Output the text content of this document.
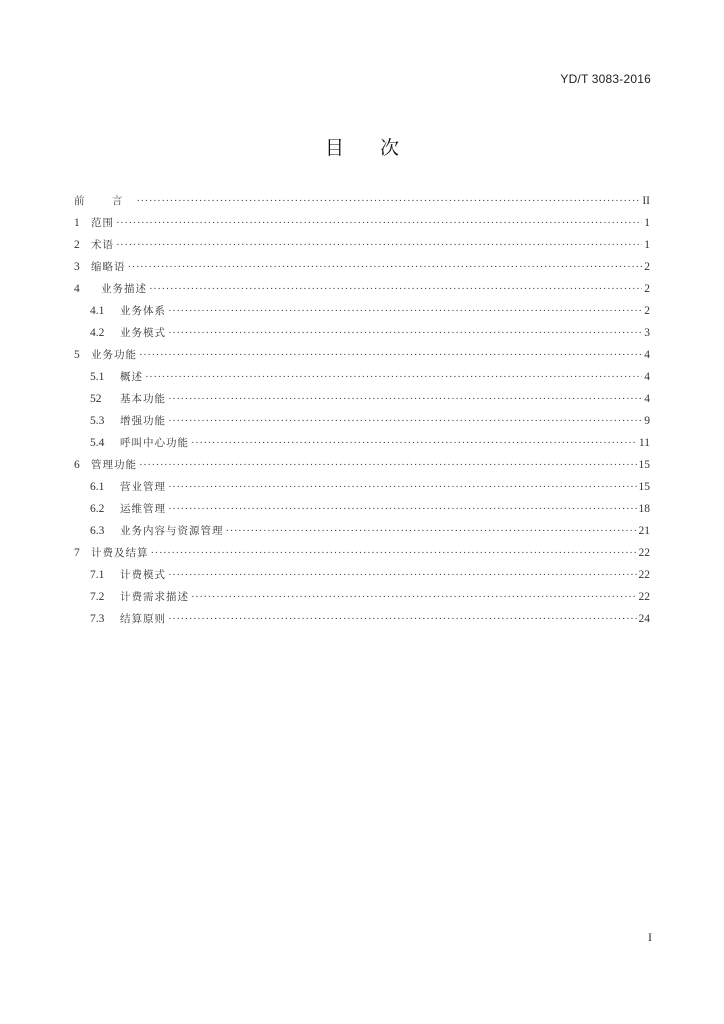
YD/T 3083-2016
目 次
前 言 ·····	II
1	范围 ·····	1
2	术语 ·····	1
3	缩略语 ·····	2
4	业务描述 ·····	2
4.1	业务体系 ·····	2
4.2	业务模式 ·····	3
5	业务功能 ·····	4
5.1	概述 ·····	4
52	基本功能 ·····	4
5.3	增强功能 ·····	9
5.4	呼叫中心功能 ·····	11
6	管理功能 ·····	15
6.1	营业管理 ·····	15
6.2	运维管理 ·····	18
6.3	业务内容与资源管理 ·····	21
7	计费及结算 ·····	22
7.1	计费模式 ·····	22
7.2	计费需求描述 ·····	22
7.3	结算原则 ·····	24
I
